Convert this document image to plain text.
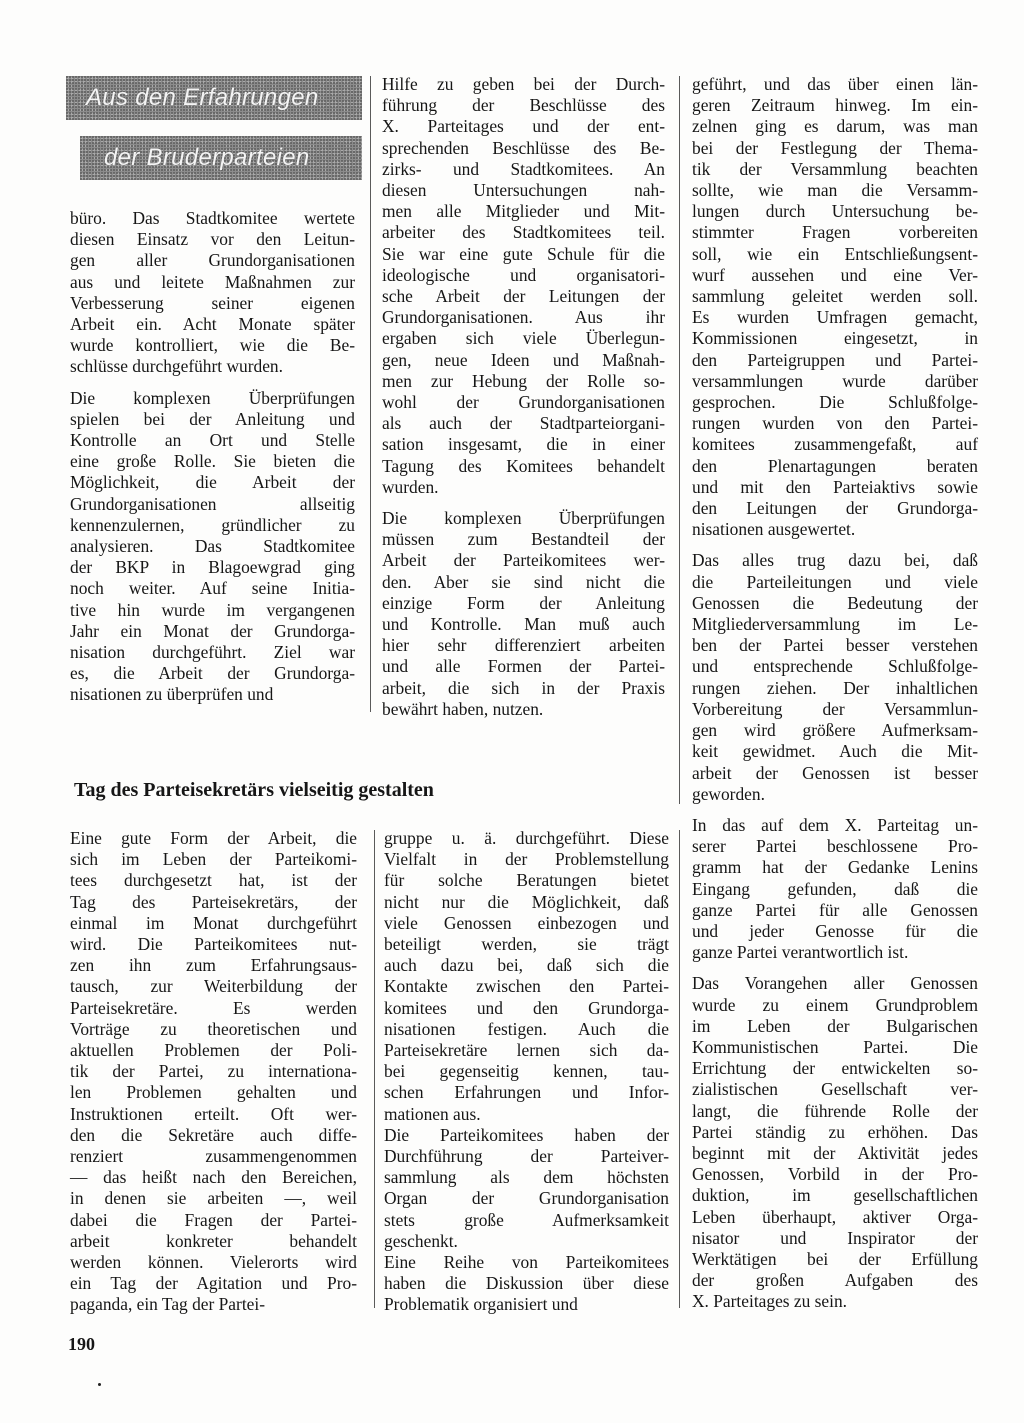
Aus den Erfahrungen
der Bruderparteien

büro. Das Stadtkomitee wertete
diesen Einsatz vor den Leitun-
gen aller Grundorganisationen
aus und leitete Maßnahmen zur
Verbesserung seiner eigenen
Arbeit ein. Acht Monate später
wurde kontrolliert, wie die Be-
schlüsse durchgeführt wurden.

Die komplexen Überprüfungen
spielen bei der Anleitung und
Kontrolle an Ort und Stelle
eine große Rolle. Sie bieten die
Möglichkeit, die Arbeit der
Grundorganisationen allseitig
kennenzulernen, gründlicher zu
analysieren. Das Stadtkomitee
der BKP in Blagoewgrad ging
noch weiter. Auf seine Initia-
tive hin wurde im vergangenen
Jahr ein Monat der Grundorga-
nisation durchgeführt. Ziel war
es, die Arbeit der Grundorga-
nisationen zu überprüfen und

Hilfe zu geben bei der Durch-
führung der Beschlüsse des
X. Parteitages und der ent-
sprechenden Beschlüsse des Be-
zirks- und Stadtkomitees. An
diesen Untersuchungen nah-
men alle Mitglieder und Mit-
arbeiter des Stadtkomitees teil.
Sie war eine gute Schule für die
ideologische und organisatori-
sche Arbeit der Leitungen der
Grundorganisationen. Aus ihr
ergaben sich viele Überlegun-
gen, neue Ideen und Maßnah-
men zur Hebung der Rolle so-
wohl der Grundorganisationen
als auch der Stadtparteiorgani-
sation insgesamt, die in einer
Tagung des Komitees behandelt
wurden.

Die komplexen Überprüfungen
müssen zum Bestandteil der
Arbeit der Parteikomitees wer-
den. Aber sie sind nicht die
einzige Form der Anleitung
und Kontrolle. Man muß auch
hier sehr differenziert arbeiten
und alle Formen der Partei-
arbeit, die sich in der Praxis
bewährt haben, nutzen.

geführt, und das über einen län-
geren Zeitraum hinweg. Im ein-
zelnen ging es darum, was man
bei der Festlegung der Thema-
tik der Versammlung beachten
sollte, wie man die Versamm-
lungen durch Untersuchung be-
stimmter Fragen vorbereiten
soll, wie ein Entschließungsent-
wurf aussehen und eine Ver-
sammlung geleitet werden soll.
Es wurden Umfragen gemacht,
Kommissionen eingesetzt, in
den Parteigruppen und Partei-
versammlungen wurde darüber
gesprochen. Die Schlußfolge-
rungen wurden von den Partei-
komitees zusammengefaßt, auf
den Plenartagungen beraten
und mit den Parteiaktivs sowie
den Leitungen der Grundorga-
nisationen ausgewertet.

Das alles trug dazu bei, daß
die Parteileitungen und viele
Genossen die Bedeutung der
Mitgliederversammlung im Le-
ben der Partei besser verstehen
und entsprechende Schlußfolge-
rungen ziehen. Der inhaltlichen
Vorbereitung der Versammlun-
gen wird größere Aufmerksam-
keit gewidmet. Auch die Mit-
arbeit der Genossen ist besser
geworden.

In das auf dem X. Parteitag un-
serer Partei beschlossene Pro-
gramm hat der Gedanke Lenins
Eingang gefunden, daß die
ganze Partei für alle Genossen
und jeder Genosse für die
ganze Partei verantwortlich ist.

Das Vorangehen aller Genossen
wurde zu einem Grundproblem
im Leben der Bulgarischen
Kommunistischen Partei. Die
Errichtung der entwickelten so-
zialistischen Gesellschaft ver-
langt, die führende Rolle der
Partei ständig zu erhöhen. Das
beginnt mit der Aktivität jedes
Genossen, Vorbild in der Pro-
duktion, im gesellschaftlichen
Leben überhaupt, aktiver Orga-
nisator und Inspirator der
Werktätigen bei der Erfüllung
der großen Aufgaben des
X. Parteitages zu sein.

Tag des Parteisekretärs vielseitig gestalten

Eine gute Form der Arbeit, die
sich im Leben der Parteikomi-
tees durchgesetzt hat, ist der
Tag des Parteisekretärs, der
einmal im Monat durchgeführt
wird. Die Parteikomitees nut-
zen ihn zum Erfahrungsaus-
tausch, zur Weiterbildung der
Parteisekretäre. Es werden
Vorträge zu theoretischen und
aktuellen Problemen der Poli-
tik der Partei, zu internationa-
len Problemen gehalten und
Instruktionen erteilt. Oft wer-
den die Sekretäre auch diffe-
renziert zusammengenommen
— das heißt nach den Bereichen,
in denen sie arbeiten —, weil
dabei die Fragen der Partei-
arbeit konkreter behandelt
werden können. Vielerorts wird
ein Tag der Agitation und Pro-
paganda, ein Tag der Partei-

gruppe u. ä. durchgeführt. Diese
Vielfalt in der Problemstellung
für solche Beratungen bietet
nicht nur die Möglichkeit, daß
viele Genossen einbezogen und
beteiligt werden, sie trägt
auch dazu bei, daß sich die
Kontakte zwischen den Partei-
komitees und den Grundorga-
nisationen festigen. Auch die
Parteisekretäre lernen sich da-
bei gegenseitig kennen, tau-
schen Erfahrungen und Infor-
mationen aus.

Die Parteikomitees haben der
Durchführung der Parteiver-
sammlung als dem höchsten
Organ der Grundorganisation
stets große Aufmerksamkeit
geschenkt.

Eine Reihe von Parteikomitees
haben die Diskussion über diese
Problematik organisiert und

190
